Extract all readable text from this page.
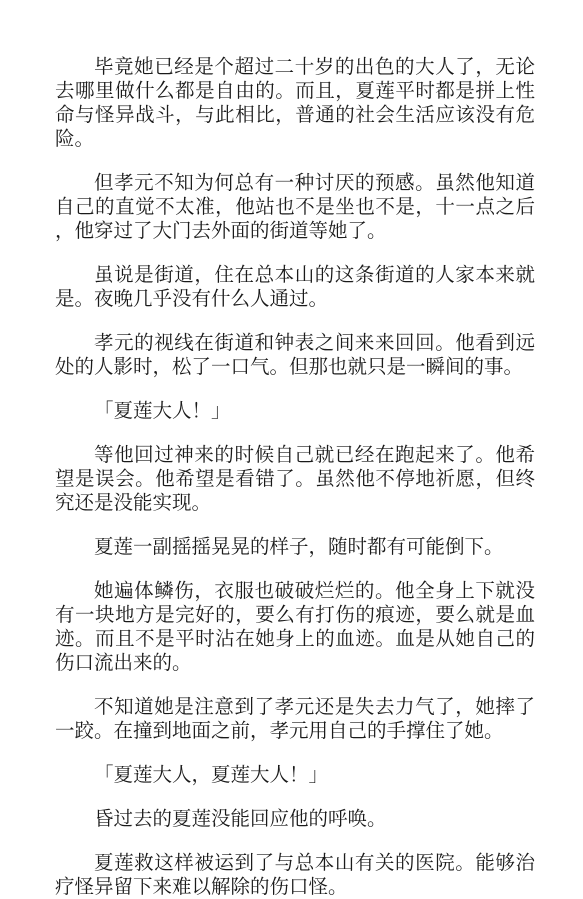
毕竟她已经是个超过二十岁的出色的大人了，无论去哪里做什么都是自由的。而且，夏莲平时都是拼上性命与怪异战斗，与此相比，普通的社会生活应该没有危险。

但孝元不知为何总有一种讨厌的预感。虽然他知道自己的直觉不太准，他站也不是坐也不是，十一点之后，他穿过了大门去外面的街道等她了。

虽说是街道，住在总本山的这条街道的人家本来就是。夜晚几乎没有什么人通过。

孝元的视线在街道和钟表之间来来回回。他看到远处的人影时，松了一口气。但那也就只是一瞬间的事。

「夏莲大人！」

等他回过神来的时候自己就已经在跑起来了。他希望是误会。他希望是看错了。虽然他不停地祈愿，但终究还是没能实现。

夏莲一副摇摇晃晃的样子，随时都有可能倒下。

她遍体鳞伤，衣服也破破烂烂的。他全身上下就没有一块地方是完好的，要么有打伤的痕迹，要么就是血迹。而且不是平时沾在她身上的血迹。血是从她自己的伤口流出来的。

不知道她是注意到了孝元还是失去力气了，她摔了一跤。在撞到地面之前，孝元用自己的手撑住了她。

「夏莲大人，夏莲大人！」

昏过去的夏莲没能回应他的呼唤。

夏莲救这样被运到了与总本山有关的医院。能够治疗怪异留下来难以解除的伤口怪。
